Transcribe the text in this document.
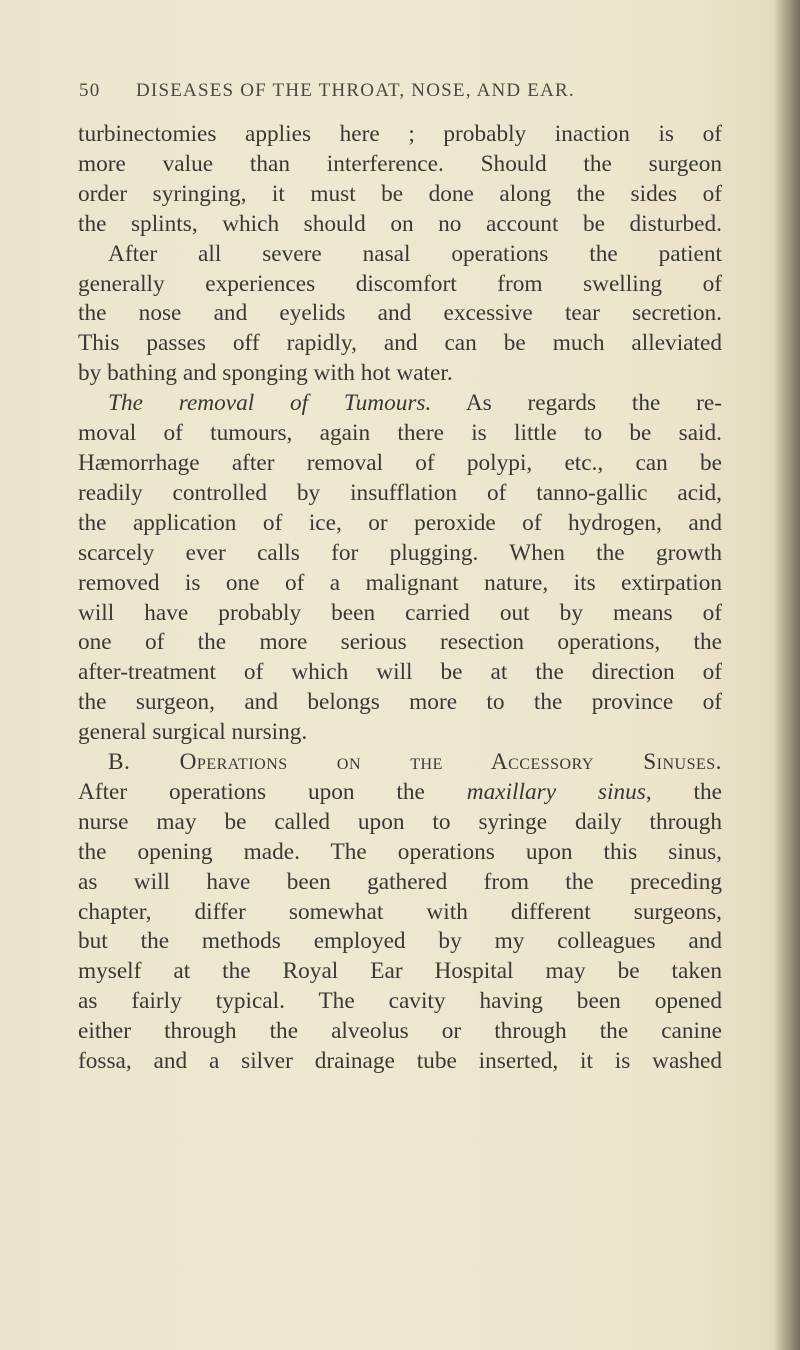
50 DISEASES OF THE THROAT, NOSE, AND EAR.
turbinectomies applies here ; probably inaction is of
more value than interference. Should the surgeon
order syringing, it must be done along the sides of
the splints, which should on no account be disturbed.
After all severe nasal operations the patient
generally experiences discomfort from swelling of
the nose and eyelids and excessive tear secretion.
This passes off rapidly, and can be much alleviated
by bathing and sponging with hot water.
The removal of Tumours. As regards the re-
moval of tumours, again there is little to be said.
Hæmorrhage after removal of polypi, etc., can be
readily controlled by insufflation of tanno-gallic acid,
the application of ice, or peroxide of hydrogen, and
scarcely ever calls for plugging. When the growth
removed is one of a malignant nature, its extirpation
will have probably been carried out by means of
one of the more serious resection operations, the
after-treatment of which will be at the direction of
the surgeon, and belongs more to the province of
general surgical nursing.
B. Operations on the Accessory Sinuses.
After operations upon the maxillary sinus, the
nurse may be called upon to syringe daily through
the opening made. The operations upon this sinus,
as will have been gathered from the preceding
chapter, differ somewhat with different surgeons,
but the methods employed by my colleagues and
myself at the Royal Ear Hospital may be taken
as fairly typical. The cavity having been opened
either through the alveolus or through the canine
fossa, and a silver drainage tube inserted, it is washed
